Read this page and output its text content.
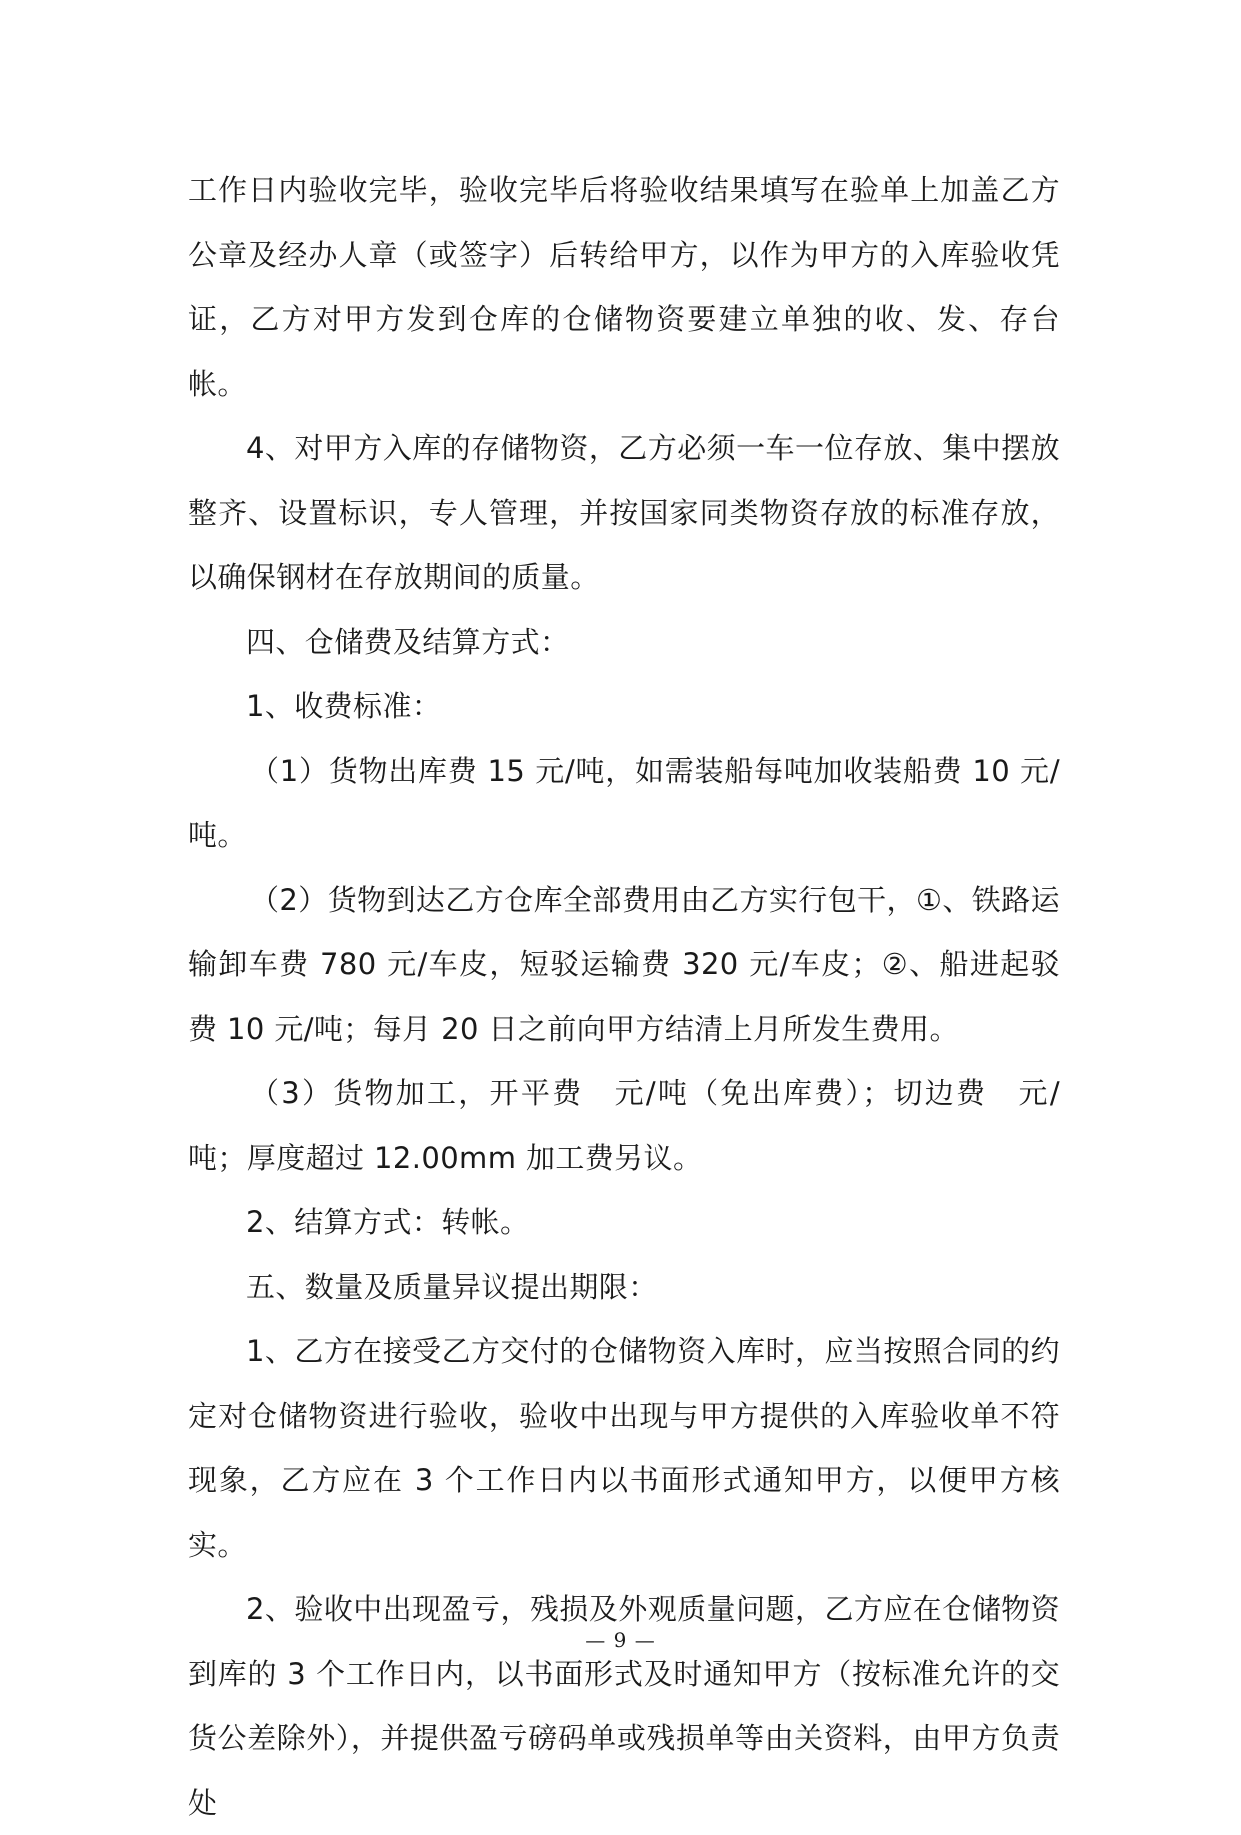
工作日内验收完毕，验收完毕后将验收结果填写在验单上加盖乙方公章及经办人章（或签字）后转给甲方，以作为甲方的入库验收凭证，乙方对甲方发到仓库的仓储物资要建立单独的收、发、存台帐。

4、对甲方入库的存储物资，乙方必须一车一位存放、集中摆放整齐、设置标识，专人管理，并按国家同类物资存放的标准存放，以确保钢材在存放期间的质量。

四、仓储费及结算方式：

1、收费标准：

（1）货物出库费 15 元/吨，如需装船每吨加收装船费 10 元/吨。

（2）货物到达乙方仓库全部费用由乙方实行包干，①、铁路运输卸车费 780 元/车皮，短驳运输费 320 元/车皮；②、船进起驳费 10 元/吨；每月 20 日之前向甲方结清上月所发生费用。

（3）货物加工，开平费　元/吨（免出库费）；切边费　元/吨；厚度超过 12.00mm 加工费另议。

2、结算方式：转帐。

五、数量及质量异议提出期限：

1、乙方在接受乙方交付的仓储物资入库时，应当按照合同的约定对仓储物资进行验收，验收中出现与甲方提供的入库验收单不符现象，乙方应在 3 个工作日内以书面形式通知甲方，以便甲方核实。

2、验收中出现盈亏，残损及外观质量问题，乙方应在仓储物资到库的 3 个工作日内，以书面形式及时通知甲方（按标准允许的交货公差除外），并提供盈亏磅码单或残损单等由关资料，由甲方负责处

— 9 —
